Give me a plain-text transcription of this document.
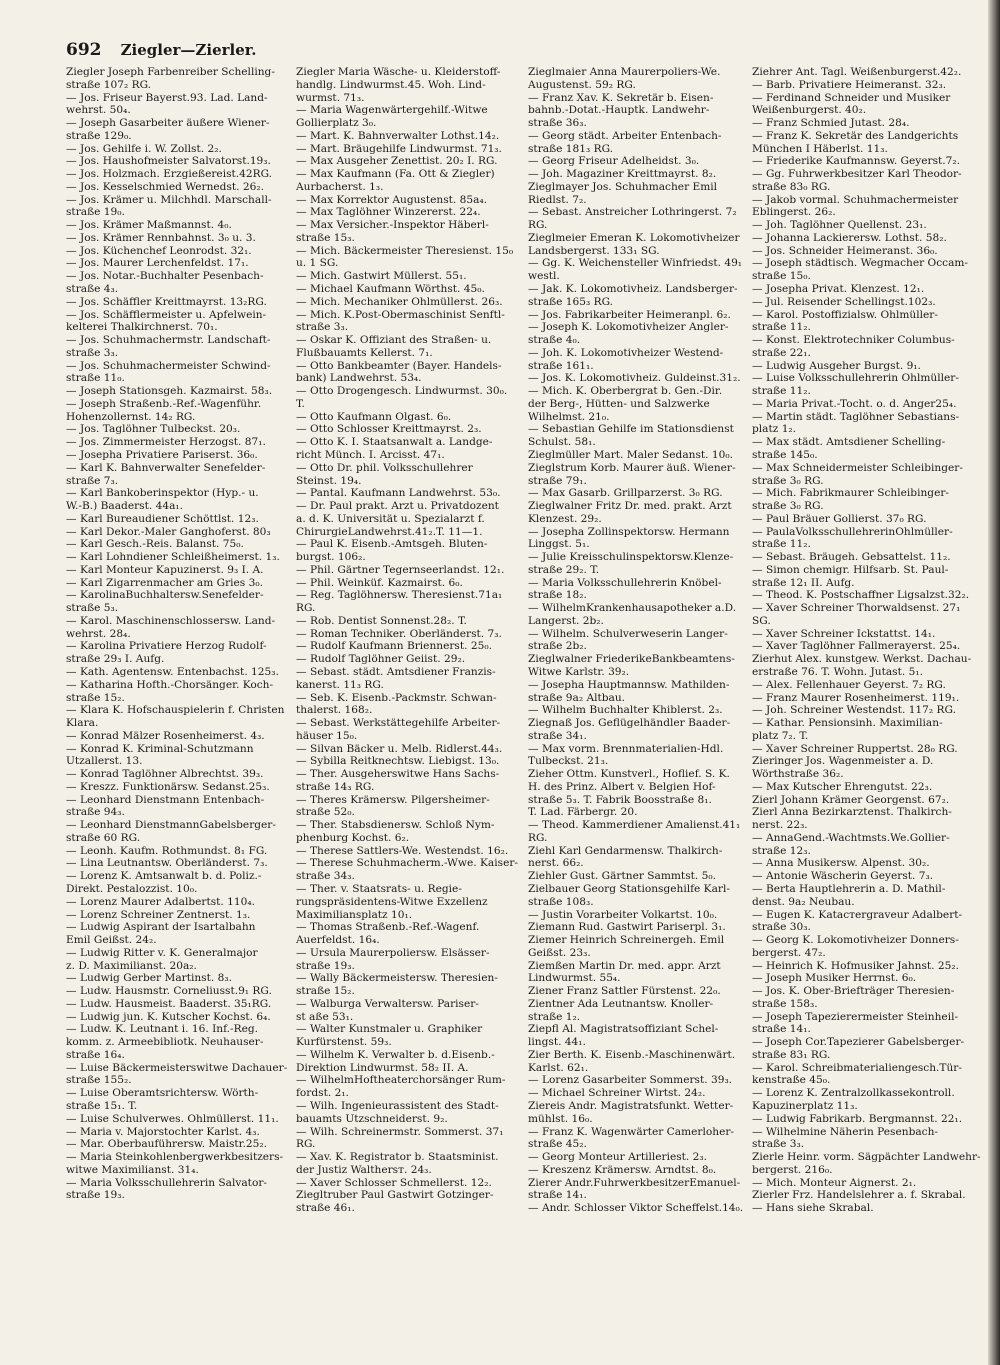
692 Ziegler—Zierler.
Ziegler Joseph Farbenreiber Schelling-
straße 107₂ RG.
— Jos. Friseur Bayerst.93. Lad. Land-
wehrst. 50₄.
— Joseph Gasarbeiter äußere Wiener-
straße 129₀.
— Jos. Gehilfe i. W. Zollst. 2₂.
— Jos. Haushofmeister Salvatorst.19₃.
— Jos. Holzmach. Erzgießereist.42RG.
— Jos. Kesselschmied Wernedst. 26₂.
— Jos. Krämer u. Milchhdl. Marschall-
straße 19₀.
— Jos. Krämer Maßmannst. 4₀.
— Jos. Krämer Rennbahnst. 3₀ u. 3.
— Jos. Küchenchef Leonrodst. 32₁.
— Jos. Maurer Lerchenfeldst. 17₁.
— Jos. Notar.-Buchhalter Pesenbach-
straße 4₃.
— Jos. Schäffler Kreittmayrst. 13₂RG.
— Jos. Schäfflermeister u. Apfelwein-
kelterei Thalkirchnerst. 70₁.
— Jos. Schuhmachermstr. Landschaft-
straße 3₃.
— Jos. Schuhmachermeister Schwind-
straße 11₀.
— Joseph Stationsgeh. Kazmairst. 58₃.
— Joseph Straßenb.-Ref.-Wagenführ.
Hohenzollernst. 14₂ RG.
— Jos. Taglöhner Tulbeckst. 20₃.
— Jos. Zimmermeister Herzogst. 87₁.
— Josepha Privatiere Pariserst. 36₀.
— Karl K. Bahnverwalter Senefelder-
straße 7₃.
— Karl Bankoberinspektor (Hyp.- u.
W.-B.) Baaderst. 44a₁.
— Karl Bureaudiener Schöttlst. 12₃.
— Karl Dekor.-Maler Ganghoferst. 80₃
— Karl Gesch.-Reis. Balanst. 75₀.
— Karl Lohndiener Schleißheimerst. 1₃.
— Karl Monteur Kapuzinerst. 9₃ I. A.
— Karl Zigarrenmacher am Gries 3₀.
— KarolinaBuchhaltersw.Senefelder-
straße 5₃.
— Karol. Maschinenschlossersw. Land-
wehrst. 28₄.
— Karolina Privatiere Herzog Rudolf-
straße 29₃ I. Aufg.
— Kath. Agentensw. Entenbachst. 125₃.
— Katharina Hofth.-Chorsänger. Koch-
straße 15₂.
— Klara K. Hofschauspielerin f. Christen
Klara.
— Konrad Mälzer Rosenheimerst. 4₃.
— Konrad K. Kriminal-Schutzmann
Utzallerst. 13.
— Konrad Taglöhner Albrechtst. 39₃.
— Kreszz. Funktionärsw. Sedanst.25₃.
— Leonhard Dienstmann Entenbach-
straße 94₃.
— Leonhard DienstmannGabelsberger-
straße 60 RG.
— Leonh. Kaufm. Rothmundst. 8₁ FG.
— Lina Leutnantsw. Oberländerst. 7₃.
— Lorenz K. Amtsanwalt b. d. Poliz.-
Direkt. Pestalozzist. 10₀.
— Lorenz Maurer Adalbertst. 110₄.
— Lorenz Schreiner Zentnerst. 1₃.
— Ludwig Aspirant der Isartalbahn
Emil Geißst. 24₂.
— Ludwig Ritter v. K. Generalmajor
z. D. Maximilianst. 20a₂.
— Ludwig Gerber Martinst. 8₃.
— Ludw. Hausmstr. Corneliusst.9₁ RG.
— Ludw. Hausmeist. Baaderst. 35₁RG.
— Ludwig jun. K. Kutscher Kochst. 6₄.
— Ludw. K. Leutnant i. 16. Inf.-Reg.
komm. z. Armeebibliotk. Neuhauser-
straße 16₄.
— Luise Bäckermeisterswitwe Dachauer-
straße 155₂.
— Luise Oberamtsrichtersw. Wörth-
straße 15₁. T.
— Luise Schulverwes. Ohlmüllerst. 11₁.
— Maria v. Majorstochter Karlst. 4₃.
— Mar. Oberbauführersw. Maistr.25₂.
— Maria Steinkohlenbergwerkbesitzers-
witwe Maximilianst. 31₄.
— Maria Volksschullehrerin Salvator-
straße 19₃.
Ziegler Maria Wäsche- u. Kleiderstoff-
handlg. Lindwurmst.45. Woh. Lind-
wurmst. 71₃.
— Maria Wagenwärtergehilf.-Witwe
Gollierplatz 3₀.
— Mart. K. Bahnverwalter Lothst.14₂.
— Mart. Bräugehilfe Lindwurmst. 71₃.
— Max Ausgeher Zenettist. 20₂ I. RG.
— Max Kaufmann (Fa. Ott & Ziegler)
Aurbacherst. 1₃.
— Max Korrektor Augustenst. 85a₄.
— Max Taglöhner Winzererst. 22₄.
— Max Versicher.-Inspektor Häberl-
straße 15₃.
— Mich. Bäckermeister Theresienst. 15₀
u. 1 SG.
— Mich. Gastwirt Müllerst. 55₁.
— Michael Kaufmann Wörthst. 45₀.
— Mich. Mechaniker Ohlmüllerst. 26₃.
— Mich. K.Post-Obermaschinist Senftl-
straße 3₃.
— Oskar K. Offiziant des Straßen- u.
Flußbauamts Kellerst. 7₁.
— Otto Bankbeamter (Bayer. Handels-
bank) Landwehrst. 53₄.
— Otto Drogengesch. Lindwurmst. 30₀.
T.
— Otto Kaufmann Olgast. 6₀.
— Otto Schlosser Kreittmayrst. 2₃.
— Otto K. I. Staatsanwalt a. Landge-
richt Münch. I. Arcisst. 47₁.
— Otto Dr. phil. Volksschullehrer
Steinst. 19₄.
— Pantal. Kaufmann Landwehrst. 53₀.
— Dr. Paul prakt. Arzt u. Privatdozent
a. d. K. Universität u. Spezialarzt f.
ChirurgieLandwehrst.41₂.T. 11—1.
— Paul K. Eisenb.-Amtsgeh. Bluten-
burgst. 106₂.
— Phil. Gärtner Tegernseerlandst. 12₁.
— Phil. Weinküf. Kazmairst. 6₀.
— Reg. Taglöhnersw. Theresienst.71a₁
RG.
— Rob. Dentist Sonnenst.28₂. T.
— Roman Techniker. Oberländerst. 7₃.
— Rudolf Kaufmann Briennerst. 25₀.
— Rudolf Taglöhner Geiist. 29₂.
— Sebast. städt. Amtsdiener Franzis-
kanerst. 11₃ RG.
— Seb. K. Eisenb.-Packmstr. Schwan-
thalerst. 168₂.
— Sebast. Werkstättegehilfe Arbeiter-
häuser 15₀.
— Silvan Bäcker u. Melb. Ridlerst.44₃.
— Sybilla Reitknechtsw. Liebigst. 13₀.
— Ther. Ausgeherswitwe Hans Sachs-
straße 14₃ RG.
— Theres Krämersw. Pilgersheimer-
straße 52₀.
— Ther. Stabsdienersw. Schloß Nym-
phenburg Kochst. 6₂.
— Therese Sattlers-We. Westendst. 16₂.
— Therese Schuhmacherm.-Wwe. Kaiser-
straße 34₃.
— Ther. v. Staatsrats- u. Regie-
rungspräsidentens-Witwe Exzellenz
Maximiliansplatz 10₁.
— Thomas Straßenb.-Ref.-Wagenf.
Auerfeldst. 16₄.
— Ursula Maurerpoliersw. Elsässer-
straße 19₃.
— Wally Bäckermeistersw. Theresien-
straße 15₂.
— Walburga Verwaltersw. Pariser-
st aße 53₁.
— Walter Kunstmaler u. Graphiker
Kurfürstenst. 59₃.
— Wilhelm K. Verwalter b. d.Eisenb.-
Direktion Lindwurmst. 58₂ II. A.
— WilhelmHoftheaterchorsänger Rum-
fordst. 2₁.
— Wilh. Ingenieurassistent des Stadt-
bauamts Utzschneiderst. 9₂.
— Wilh. Schreinermstr. Sommerst. 37₁
RG.
— Xav. K. Registrator b. Staatsminist.
der Justiz Walthersт. 24₃.
— Xaver Schlosser Schmellerst. 12₂.
Ziegltruber Paul Gastwirt Gotzinger-
straße 46₁.
Zieglmaier Anna Maurerpoliers-We.
Augustenst. 59₂ RG.
— Franz Xav. K. Sekretär b. Eisen-
bahnb.-Dotat.-Hauptk. Landwehr-
straße 36₃.
— Georg städt. Arbeiter Entenbach-
straße 181₃ RG.
— Georg Friseur Adelheidst. 3₀.
— Joh. Magaziner Kreittmayrst. 8₂.
Zieglmayer Jos. Schuhmacher Emil
Riedlst. 7₂.
— Sebast. Anstreicher Lothringerst. 7₂
RG.
Zieglmeier Emeran K. Lokomotivheizer
Landsbergerst. 133₁ SG.
— Gg. K. Weichensteller Winfriedst. 49₁
westl.
— Jak. K. Lokomotivheiz. Landsberger-
straße 165₃ RG.
— Jos. Fabrikarbeiter Heimeranpl. 6₂.
— Joseph K. Lokomotivheizer Angler-
straße 4₀.
— Joh. K. Lokomotivheizer Westend-
straße 161₁.
— Jos. K. Lokomotivheiz. Guldeinst.31₂.
— Mich. K. Oberbergrat b. Gen.-Dir.
der Berg-, Hütten- und Salzwerke
Wilhelmst. 21₀.
— Sebastian Gehilfe im Stationsdienst
Schulst. 58₁.
Zieglmüller Mart. Maler Sedanst. 10₀.
Zieglstrum Korb. Maurer äuß. Wiener-
straße 79₁.
— Max Gasarb. Grillparzerst. 3₀ RG.
Zieglwalner Fritz Dr. med. prakt. Arzt
Klenzest. 29₂.
— Josepha Zollinspektorsw. Hermann
Linggst. 5₁.
— Julie Kreisschulinspektorsw.Klenze-
straße 29₂. T.
— Maria Volksschullehrerin Knöbel-
straße 18₂.
— WilhelmKrankenhausapotheker a.D.
Langerst. 2b₂.
— Wilhelm. Schulverweserin Langer-
straße 2b₂.
Zieglwalner FriederikeBankbeamtens-
Witwe Karlstr. 39₂.
— Josepha Hauptmannsw. Mathilden-
straße 9a₂ Altbau.
— Wilhelm Buchhalter Khiblerst. 2₃.
Ziegnaß Jos. Geflügelhändler Baader-
straße 34₁.
— Max vorm. Brennmaterialien-Hdl.
Tulbeckst. 21₃.
Zieher Ottm. Kunstverl., Hoflief. S. K.
H. des Prinz. Albert v. Belgien Hof-
straße 5₃. T. Fabrik Boosstraße 8₁.
T. Lad. Färbergr. 20.
— Theod. Kammerdiener Amalienst.41₁
RG.
Ziehl Karl Gendarmensw. Thalkirch-
nerst. 66₂.
Ziehler Gust. Gärtner Sammtst. 5₀.
Zielbauer Georg Stationsgehilfe Karl-
straße 108₃.
— Justin Vorarbeiter Volkartst. 10₀.
Ziemann Rud. Gastwirt Pariserpl. 3₁.
Ziemer Heinrich Schreinergeh. Emil
Geißst. 23₃.
Ziemßen Martin Dr. med. appr. Arzt
Lindwurmst. 55₄.
Ziener Franz Sattler Fürstenst. 22₀.
Zientner Ada Leutnantsw. Knoller-
straße 1₂.
Ziepfl Al. Magistratsoffiziant Schel-
lingst. 44₁.
Zier Berth. K. Eisenb.-Maschinenwärt.
Karlst. 62₁.
— Lorenz Gasarbeiter Sommerst. 39₃.
— Michael Schreiner Wirtst. 24₂.
Ziereis Andr. Magistratsfunkt. Wetter-
mühlst. 16₀.
— Franz K. Wagenwärter Camerloher-
straße 45₂.
— Georg Monteur Artilleriest. 2₃.
— Kreszenz Krämersw. Arndtst. 8₀.
Zierer Andr.FuhrwerkbesitzerEmanuel-
straße 14₁.
— Andr. Schlosser Viktor Scheffelst.14₀.
Ziehrer Ant. Tagl. Weißenburgerst.42₂.
— Barb. Privatiere Heimeranst. 32₃.
— Ferdinand Schneider und Musiker
Weißenburgerst. 40₂.
— Franz Schmied Jutast. 28₄.
— Franz K. Sekretär des Landgerichts
München I Häberlst. 11₃.
— Friederike Kaufmannsw. Geyerst.7₂.
— Gg. Fuhrwerkbesitzer Karl Theodor-
straße 83₀ RG.
— Jakob vormal. Schuhmachermeister
Eblingerst. 26₂.
— Joh. Taglöhner Quellenst. 23₁.
— Johanna Lackierersw. Lothst. 58₂.
— Jos. Schneider Heimeranst. 36₀.
— Joseph städtisch. Wegmacher Occam-
straße 15₀.
— Josepha Privat. Klenzest. 12₁.
— Jul. Reisender Schellingst.102₃.
— Karol. Postoffizialsw. Ohlmüller-
straße 11₂.
— Konst. Elektrotechniker Columbus-
straße 22₁.
— Ludwig Ausgeher Burgst. 9₁.
— Luise Volksschullehrerin Ohlmüller-
straße 11₂.
— Maria Privat.-Tocht. o. d. Anger25₄.
— Martin städt. Taglöhner Sebastians-
platz 1₂.
— Max städt. Amtsdiener Schelling-
straße 145₀.
— Max Schneidermeister Schleibinger-
straße 3₀ RG.
— Mich. Fabrikmaurer Schleibinger-
straße 3₀ RG.
— Paul Bräuer Gollierst. 37₀ RG.
— PaulaVolksschullehrerinOhlmüller-
straße 11₂.
— Sebast. Bräugeh. Gebsattelst. 11₂.
— Simon chemigr. Hilfsarb. St. Paul-
straße 12₁ II. Aufg.
— Theod. K. Postschaffner Ligsalzst.32₂.
— Xaver Schreiner Thorwaldsenst. 27₁
SG.
— Xaver Schreiner Ickstattst. 14₁.
— Xaver Taglöhner Fallmerayerst. 25₄.
Zierhut Alex. kunstgew. Werkst. Dachau-
erstraße 76. T. Wohn. Jutast. 5₁.
— Alex. Fellenhauer Geyerst. 7₂ RG.
— Franz Maurer Rosenheimerst. 119₁.
— Joh. Schreiner Westendst. 117₂ RG.
— Kathar. Pensionsinh. Maximilian-
platz 7₂. T.
— Xaver Schreiner Ruppertst. 28₀ RG.
Zieringer Jos. Wagenmeister a. D.
Wörthstraße 36₂.
— Max Kutscher Ehrengutst. 22₃.
Zierl Johann Krämer Georgenst. 67₂.
Zierl Anna Bezirkarztenst. Thalkirch-
nerst. 22₃.
— AnnaGend.-Wachtmsts.We.Gollier-
straße 12₃.
— Anna Musikersw. Alpenst. 30₂.
— Antonie Wäscherin Geyerst. 7₃.
— Berta Hauptlehrerin a. D. Mathil-
denst. 9a₂ Neubau.
— Eugen K. Kataстergraveur Adalbert-
straße 30₃.
— Georg K. Lokomotivheizer Donners-
bergerst. 47₂.
— Heinrich K. Hofmusiker Jahnst. 25₂.
— Joseph Musiker Herrnst. 6₀.
— Jos. K. Ober-Briefträger Theresien-
straße 158₃.
— Joseph Tapezierermeister Steinheil-
straße 14₁.
— Joseph Cor.Tapezierer Gabelsberger-
straße 83₁ RG.
— Karol. Schreibmaterialiengesch.Tür-
kenstraße 45₀.
— Lorenz K. Zentralzollkassekontroll.
Kapuzinerplatz 11₃.
— Ludwig Fabrikarb. Bergmannst. 22₁.
— Wilhelmine Näherin Pesenbach-
straße 3₃.
Zierle Heinr. vorm. Sägpächter Landwehr-
bergerst. 216₀.
— Mich. Monteur Aignerst. 2₁.
Zierler Frz. Handelslehrer a. f. Skrabal.
— Hans siehe Skrabal.
